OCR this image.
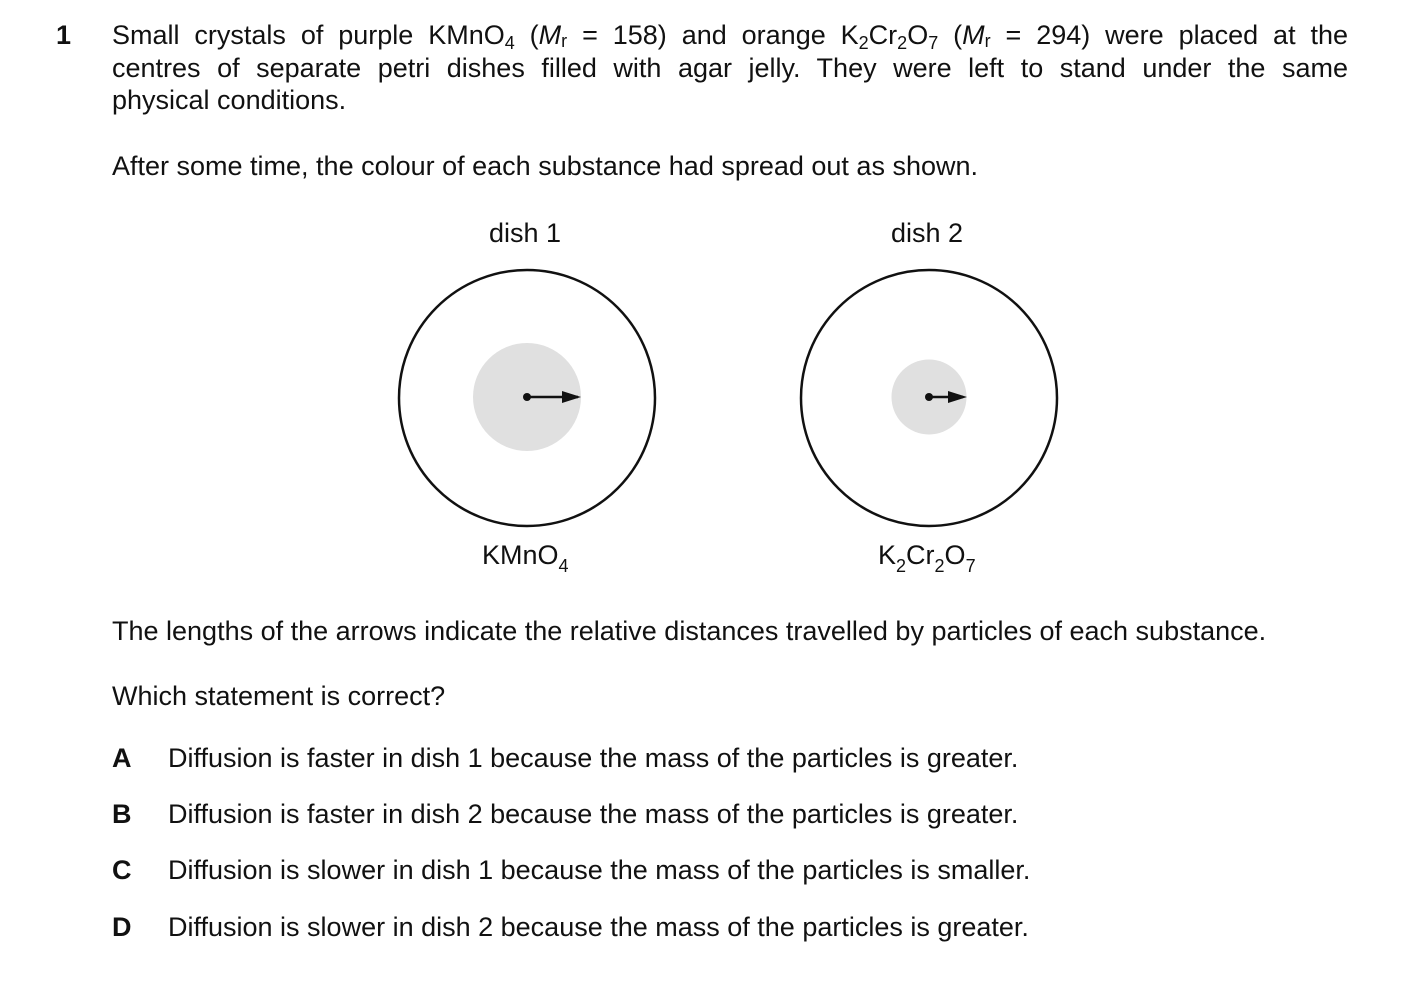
1 Small crystals of purple KMnO$_4$ $(M_r = 158)$ and orange $K_2Cr_2O_7$ $(M_r = 294)$ were placed at the
centres of separate petri dishes filled with agar jelly. They were left to stand under the same
physical conditions.
After some time, the colour of each substance had spread out as shown.
dish 1	dish 2
KMnO$_4$	$K_2Cr_2O_7$
The lengths of the arrows indicate the relative distances travelled by particles of each substance.
Which statement is correct?
A Diffusion is faster in dish 1 because the mass of the particles is greater.
B Diffusion is faster in dish 2 because the mass of the particles is greater.
C Diffusion is slower in dish 1 because the mass of the particles is smaller.
D Diffusion is slower in dish 2 because the mass of the particles is greater.
